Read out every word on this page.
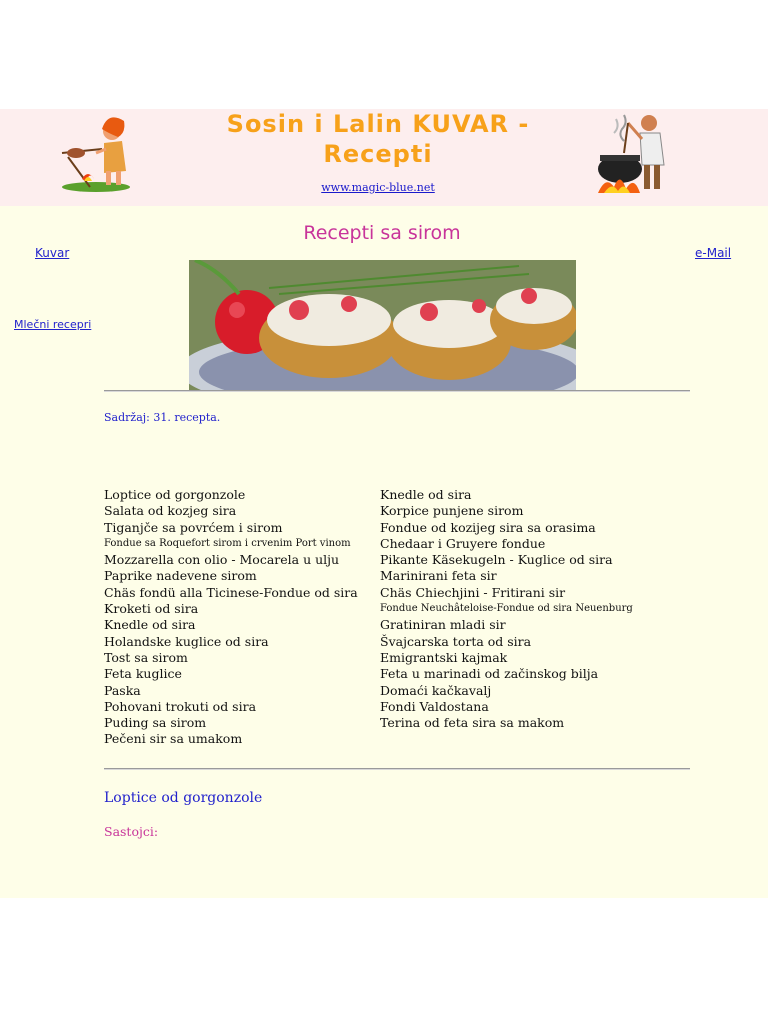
Sosin i Lalin KUVAR - Recepti
www.magic-blue.net
Kuvar	e-Mail
Mlečni recepri
Recepti sa sirom
Sadržaj: 31. recepta.
Loptice od gorgonzole
Salata od kozjeg sira
Tiganjče sa povrćem i sirom
Fondue sa Roquefort sirom i crvenim Port vinom
Mozzarella con olio - Mocarela u ulju
Paprike nadevene sirom
Chäs fondü alla Ticinese-Fondue od sira
Kroketi od sira
Knedle od sira
Holandske kuglice od sira
Tost sa sirom
Feta kuglice
Paska
Pohovani trokuti od sira
Puding sa sirom
Pečeni sir sa umakom
Knedle od sira
Korpice punjene sirom
Fondue od kozijeg sira sa orasima
Chedaar i Gruyere fondue
Pikante Käsekugeln - Kuglice od sira
Marinirani feta sir
Chäs Chiechjini - Fritirani sir
Fondue Neuchâteloise-Fondue od sira Neuenburg
Gratiniran mladi sir
Švajcarska torta od sira
Emigrantski kajmak
Feta u marinadi od začinskog bilja
Domaći kačkavalj
Fondi Valdostana
Terina od feta sira sa makom
Loptice od gorgonzole
Sastojci:
